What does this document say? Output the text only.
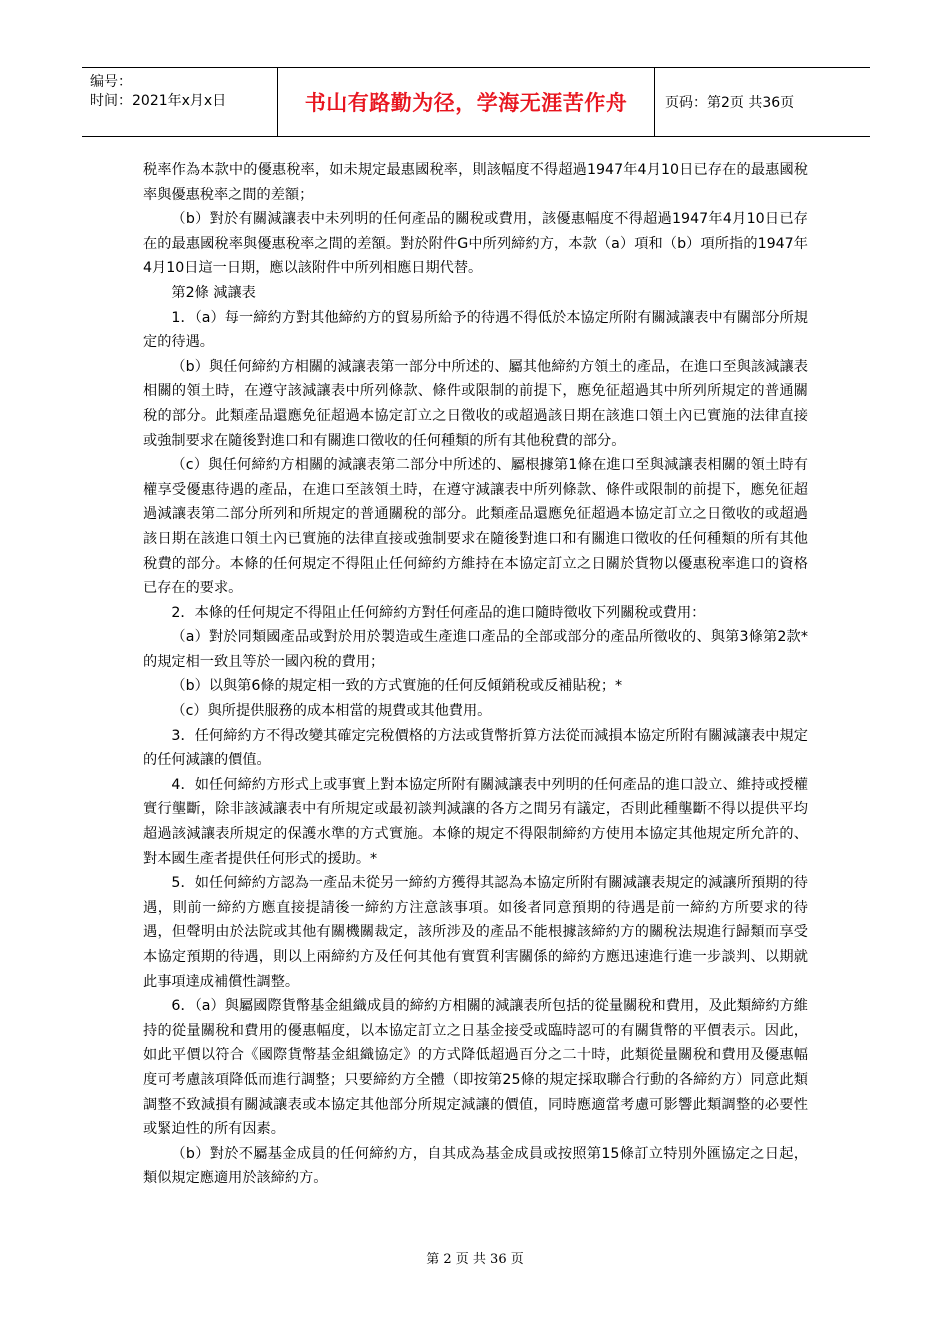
编号：
时间：2021年x月x日	书山有路勤为径，学海无涯苦作舟	页码：第2页 共36页

税率作為本款中的優惠稅率，如未規定最惠國稅率，則該幅度不得超過1947年4月10日已存在的最惠國稅率與優惠稅率之間的差額；

（b）對於有關減讓表中未列明的任何產品的關稅或費用，該優惠幅度不得超過1947年4月10日已存在的最惠國稅率與優惠稅率之間的差額。對於附件G中所列締約方，本款（a）項和（b）項所指的1947年4月10日這一日期，應以該附件中所列相應日期代替。

第2條 減讓表

1．（a）每一締約方對其他締約方的貿易所給予的待遇不得低於本協定所附有關減讓表中有關部分所規定的待遇。

（b）與任何締約方相關的減讓表第一部分中所述的、屬其他締約方領土的產品，在進口至與該減讓表相關的領土時，在遵守該減讓表中所列條款、條件或限制的前提下，應免征超過其中所列所規定的普通關稅的部分。此類產品還應免征超過本協定訂立之日徵收的或超過該日期在該進口領土內已實施的法律直接或強制要求在隨後對進口和有關進口徵收的任何種類的所有其他稅費的部分。

（c）與任何締約方相關的減讓表第二部分中所述的、屬根據第1條在進口至與減讓表相關的領土時有權享受優惠待遇的產品，在進口至該領土時，在遵守減讓表中所列條款、條件或限制的前提下，應免征超過減讓表第二部分所列和所規定的普通關稅的部分。此類產品還應免征超過本協定訂立之日徵收的或超過該日期在該進口領土內已實施的法律直接或強制要求在隨後對進口和有關進口徵收的任何種類的所有其他稅費的部分。本條的任何規定不得阻止任何締約方維持在本協定訂立之日關於貨物以優惠稅率進口的資格已存在的要求。

2．本條的任何規定不得阻止任何締約方對任何產品的進口隨時徵收下列關稅或費用：

（a）對於同類國產品或對於用於製造或生產進口產品的全部或部分的產品所徵收的、與第3條第2款*的規定相一致且等於一國內稅的費用；

（b）以與第6條的規定相一致的方式實施的任何反傾銷稅或反補貼稅；*

（c）與所提供服務的成本相當的規費或其他費用。

3．任何締約方不得改變其確定完稅價格的方法或貨幣折算方法從而減損本協定所附有關減讓表中規定的任何減讓的價值。

4．如任何締約方形式上或事實上對本協定所附有關減讓表中列明的任何產品的進口設立、維持或授權實行壟斷，除非該減讓表中有所規定或最初談判減讓的各方之間另有議定，否則此種壟斷不得以提供平均超過該減讓表所規定的保護水準的方式實施。本條的規定不得限制締約方使用本協定其他規定所允許的、對本國生產者提供任何形式的援助。*

5．如任何締約方認為一產品未從另一締約方獲得其認為本協定所附有關減讓表規定的減讓所預期的待遇，則前一締約方應直接提請後一締約方注意該事項。如後者同意預期的待遇是前一締約方所要求的待遇，但聲明由於法院或其他有關機關裁定，該所涉及的產品不能根據該締約方的關稅法規進行歸類而享受本協定預期的待遇，則以上兩締約方及任何其他有實質利害關係的締約方應迅速進行進一步談判、以期就此事項達成補償性調整。

6．（a）與屬國際貨幣基金組織成員的締約方相關的減讓表所包括的從量關稅和費用，及此類締約方維持的從量關稅和費用的優惠幅度，以本協定訂立之日基金接受或臨時認可的有關貨幣的平價表示。因此，如此平價以符合《國際貨幣基金組織協定》的方式降低超過百分之二十時，此類從量關稅和費用及優惠幅度可考慮該項降低而進行調整；只要締約方全體（即按第25條的規定採取聯合行動的各締約方）同意此類調整不致減損有關減讓表或本協定其他部分所規定減讓的價值，同時應適當考慮可影響此類調整的必要性或緊迫性的所有因素。

（b）對於不屬基金成員的任何締約方，自其成為基金成員或按照第15條訂立特別外匯協定之日起，類似規定應適用於該締約方。

第 2 页 共 36 页
